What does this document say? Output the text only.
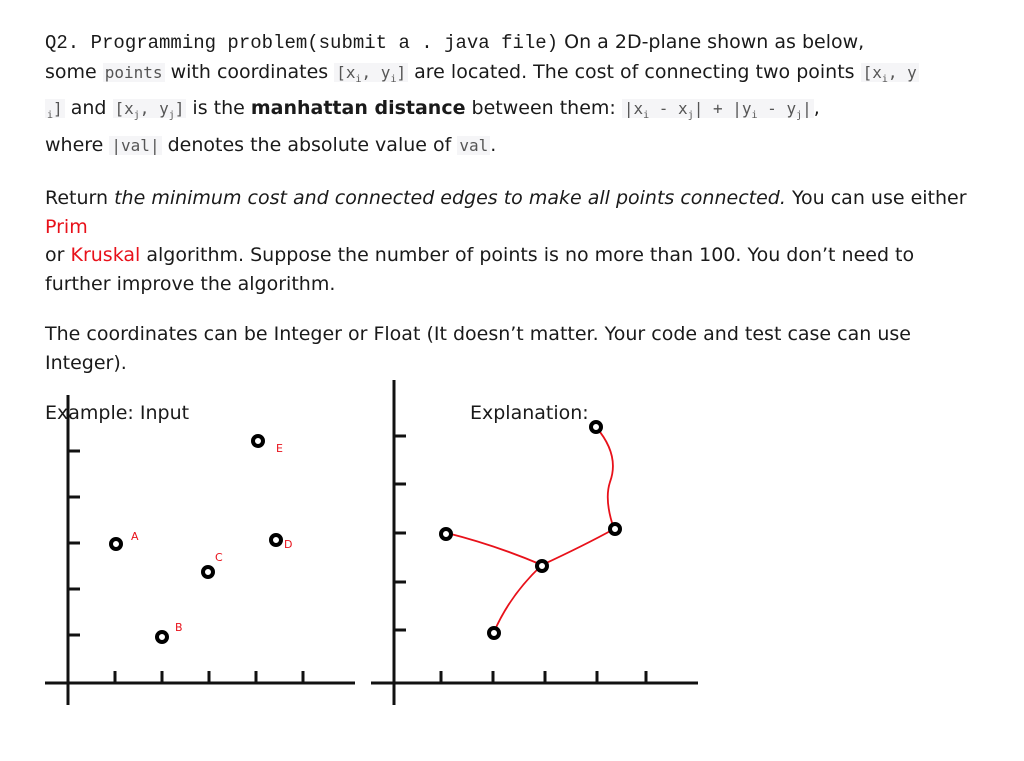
Q2. Programming problem(submit a . java file) On a 2D-plane shown as below,
some points with coordinates [$x_i$, $y_i$] are located. The cost of connecting two points [$x_i$, y
$_i$] and [$x_j$, $y_j$] is the manhattan distance between them: $|x_i - x_j| + |y_i - y_j|$ ,
where |val| denotes the absolute value of val .

Return the minimum cost and connected edges to make all points connected. You can use either Prim
or Kruskal algorithm. Suppose the number of points is no more than 100. You don’t need to further improve the algorithm.

The coordinates can be Integer or Float (It doesn’t matter. Your code and test case can use Integer).

Example: Input	Explanation:
A
B
C
D
E
